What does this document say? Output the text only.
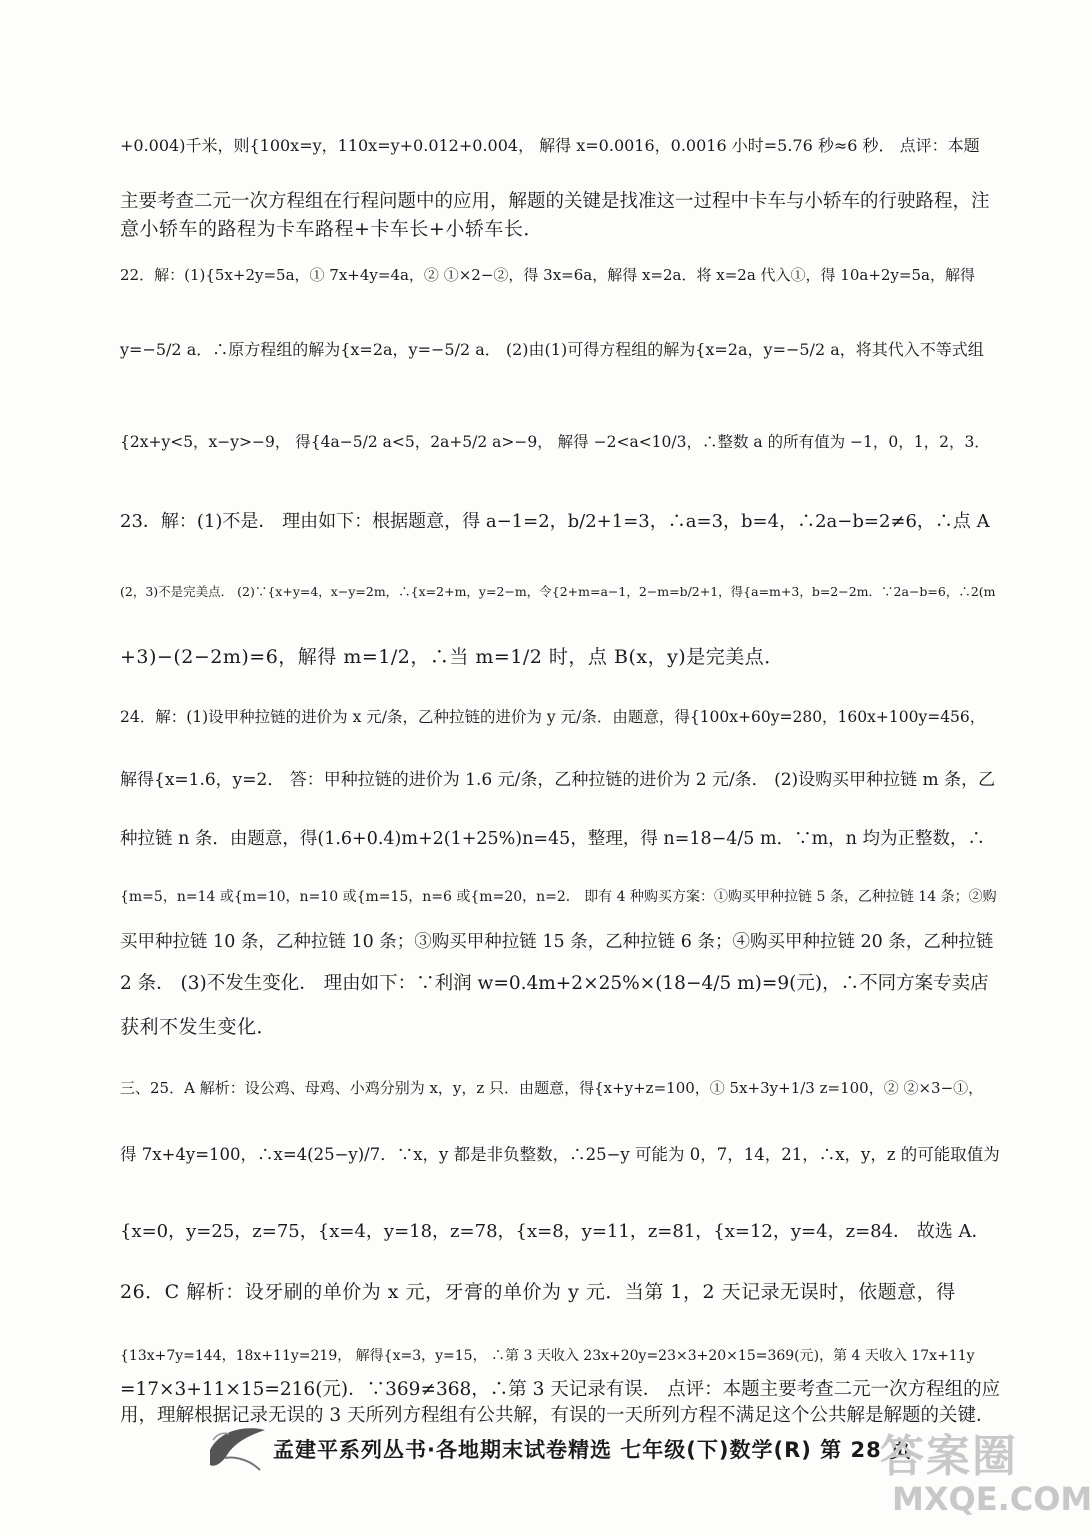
+0.004)千米，则{100x=y，110x=y+0.012+0.004， 解得 x=0.0016，0.0016 小时=5.76 秒≈6 秒． 点评：本题
主要考查二元一次方程组在行程问题中的应用，解题的关键是找准这一过程中卡车与小轿车的行驶路程，注
意小轿车的路程为卡车路程+卡车长+小轿车长．
22．解：(1){5x+2y=5a，① 7x+4y=4a，② ①×2−②，得 3x=6a，解得 x=2a．将 x=2a 代入①，得 10a+2y=5a，解得
y=−5/2 a．∴原方程组的解为{x=2a，y=−5/2 a． (2)由(1)可得方程组的解为{x=2a，y=−5/2 a，将其代入不等式组
{2x+y<5，x−y>−9， 得{4a−5/2 a<5，2a+5/2 a>−9， 解得 −2<a<10/3，∴整数 a 的所有值为 −1，0，1，2，3．
23．解：(1)不是． 理由如下：根据题意，得 a−1=2，b/2+1=3，∴a=3，b=4，∴2a−b=2≠6，∴点 A
(2，3)不是完美点． (2)∵{x+y=4，x−y=2m，∴{x=2+m，y=2−m，令{2+m=a−1，2−m=b/2+1，得{a=m+3，b=2−2m．∵2a−b=6，∴2(m
+3)−(2−2m)=6，解得 m=1/2，∴当 m=1/2 时，点 B(x，y)是完美点．
24．解：(1)设甲种拉链的进价为 x 元/条，乙种拉链的进价为 y 元/条．由题意，得{100x+60y=280，160x+100y=456，
解得{x=1.6，y=2． 答：甲种拉链的进价为 1.6 元/条，乙种拉链的进价为 2 元/条． (2)设购买甲种拉链 m 条，乙
种拉链 n 条．由题意，得(1.6+0.4)m+2(1+25%)n=45，整理，得 n=18−4/5 m．∵m，n 均为正整数，∴
{m=5，n=14 或{m=10，n=10 或{m=15，n=6 或{m=20，n=2． 即有 4 种购买方案：①购买甲种拉链 5 条，乙种拉链 14 条；②购
买甲种拉链 10 条，乙种拉链 10 条；③购买甲种拉链 15 条，乙种拉链 6 条；④购买甲种拉链 20 条，乙种拉链
2 条． (3)不发生变化． 理由如下：∵利润 w=0.4m+2×25%×(18−4/5 m)=9(元)，∴不同方案专卖店
获利不发生变化．
三、25．A 解析：设公鸡、母鸡、小鸡分别为 x，y，z 只．由题意，得{x+y+z=100，① 5x+3y+1/3 z=100，② ②×3−①，
得 7x+4y=100，∴x=4(25−y)/7．∵x，y 都是非负整数，∴25−y 可能为 0，7，14，21，∴x，y，z 的可能取值为
{x=0，y=25，z=75，{x=4，y=18，z=78，{x=8，y=11，z=81，{x=12，y=4，z=84． 故选 A．
26．C 解析：设牙刷的单价为 x 元，牙膏的单价为 y 元．当第 1，2 天记录无误时，依题意，得
{13x+7y=144，18x+11y=219， 解得{x=3，y=15， ∴第 3 天收入 23x+20y=23×3+20×15=369(元)，第 4 天收入 17x+11y
=17×3+11×15=216(元)．∵369≠368，∴第 3 天记录有误． 点评：本题主要考查二元一次方程组的应
用，理解根据记录无误的 3 天所列方程组有公共解，有误的一天所列方程不满足这个公共解是解题的关键．
孟建平系列丛书·各地期末试卷精选 七年级(下)数学(R) 第 28 页
答案圈
MXQE.COM
